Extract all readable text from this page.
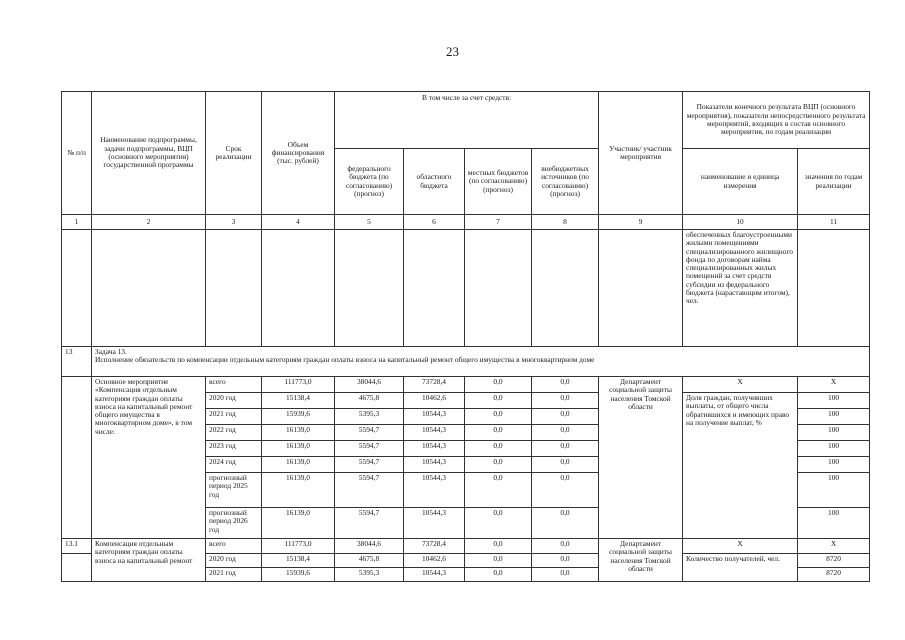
23
№ п/п	Наименование подпрограммы, задачи подпрограммы, ВЦП (основного мероприятия) государственной программы	Срок реализации	Объем финансирования (тыс. рублей)	В том числе за счет средств:				Участник/ участник мероприятия	Показатели конечного результата ВЦП (основного мероприятия), показатели непосредственного результата мероприятий, входящих в состав основного мероприятия, по годам реализации	
				федерального бюджета (по согласованию) (прогноз)	областного бюджета	местных бюджетов (по согласованию) (прогноз)	внебюджетных источников (по согласованию) (прогноз)		наименование и единица измерения	значения по годам реализации
1	2	3	4	5	6	7	8	9	10	11
									обеспеченных благоустроенными жилыми помещениями специализированного жилищного фонда по договорам найма специализированных жилых помещений за счет средств субсидии из федерального бюджета (нарастающим итогом), чел.	
13	Задача 13.
Исполнение обязательств по компенсации отдельным категориям граждан оплаты взноса на капитальный ремонт общего имущества в многоквартирном доме									

	Основное мероприятие «Компенсация отдельным категориям граждан оплаты взноса на капитальный ремонт общего имущества в многоквартирном доме», в том числе:	всего	111773,0	38044,6	73728,4	0,0	0,0	Департамент социальной защиты населения Томской области	Х	Х
		2020 год	15138,4	4675,8	10462,6	0,0	0,0		Доля граждан, получивших выплаты, от общего числа обратившихся и имеющих право на получение выплат, %	100
		2021 год	15939,6	5395,3	10544,3	0,0	0,0			100
		2022 год	16139,0	5594,7	10544,3	0,0	0,0			100
		2023 год	16139,0	5594,7	10544,3	0,0	0,0			100
		2024 год	16139,0	5594,7	10544,3	0,0	0,0			100
		прогнозный период 2025 год	16139,0	5594,7	10544,3	0,0	0,0			100
		прогнозный период 2026 год	16139,0	5594,7	10544,3	0,0	0,0			100
13.1	Компенсация отдельным категориям граждан оплаты взноса на капитальный ремонт	всего	111773,0	38044,6	73728,4	0,0	0,0	Департамент социальной защиты населения Томской области	Х	Х
		2020 год	15138,4	4675,8	10462,6	0,0	0,0		Количество получателей, чел.	8720
		2021 год	15939,6	5395,3	10544,3	0,0	0,0			8720
